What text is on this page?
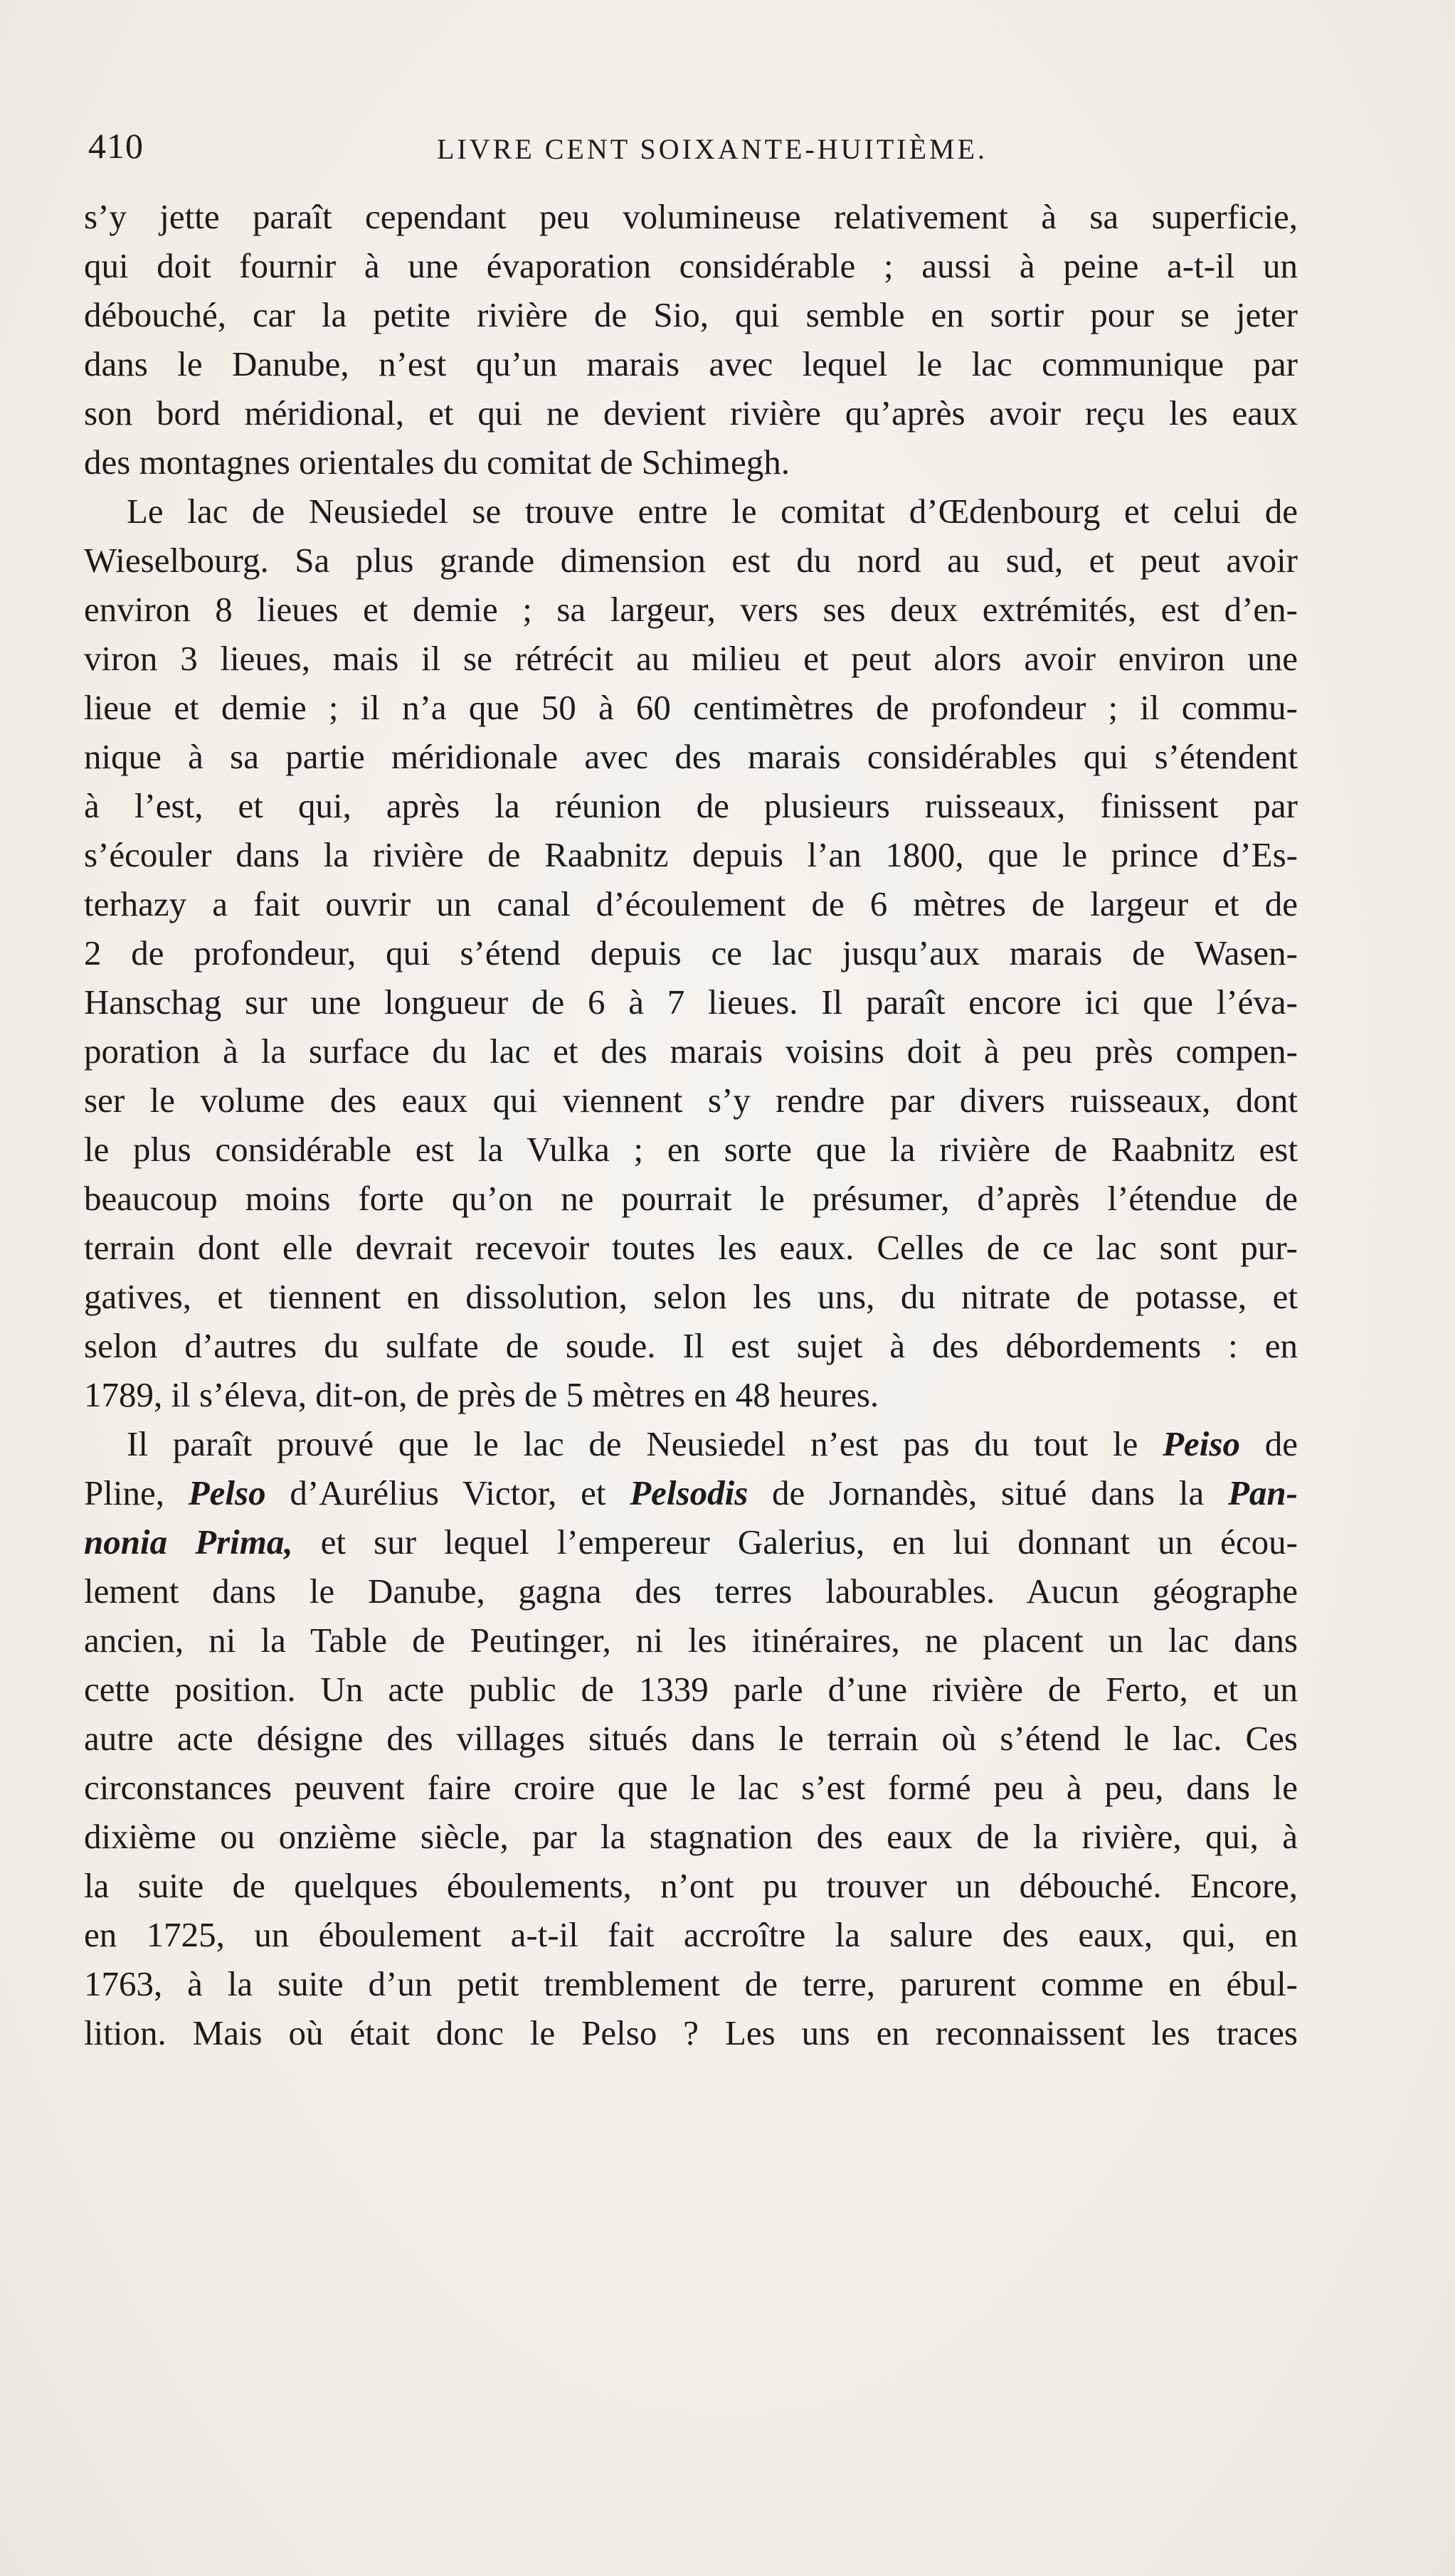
410	LIVRE CENT SOIXANTE-HUITIÈME.

s’y jette paraît cependant peu volumineuse relativement à sa superficie,
qui doit fournir à une évaporation considérable ; aussi à peine a-t-il un
débouché, car la petite rivière de Sio, qui semble en sortir pour se jeter
dans le Danube, n’est qu’un marais avec lequel le lac communique par
son bord méridional, et qui ne devient rivière qu’après avoir reçu les eaux
des montagnes orientales du comitat de Schimegh.

Le lac de Neusiedel se trouve entre le comitat d’Œdenbourg et celui de
Wieselbourg. Sa plus grande dimension est du nord au sud, et peut avoir
environ 8 lieues et demie ; sa largeur, vers ses deux extrémités, est d’en-
viron 3 lieues, mais il se rétrécit au milieu et peut alors avoir environ une
lieue et demie ; il n’a que 50 à 60 centimètres de profondeur ; il commu-
nique à sa partie méridionale avec des marais considérables qui s’étendent
à l’est, et qui, après la réunion de plusieurs ruisseaux, finissent par
s’écouler dans la rivière de Raabnitz depuis l’an 1800, que le prince d’Es-
terhazy a fait ouvrir un canal d’écoulement de 6 mètres de largeur et de
2 de profondeur, qui s’étend depuis ce lac jusqu’aux marais de Wasen-
Hanschag sur une longueur de 6 à 7 lieues. Il paraît encore ici que l’éva-
poration à la surface du lac et des marais voisins doit à peu près compen-
ser le volume des eaux qui viennent s’y rendre par divers ruisseaux, dont
le plus considérable est la Vulka ; en sorte que la rivière de Raabnitz est
beaucoup moins forte qu’on ne pourrait le présumer, d’après l’étendue de
terrain dont elle devrait recevoir toutes les eaux. Celles de ce lac sont pur-
gatives, et tiennent en dissolution, selon les uns, du nitrate de potasse, et
selon d’autres du sulfate de soude. Il est sujet à des débordements : en
1789, il s’éleva, dit-on, de près de 5 mètres en 48 heures.

Il paraît prouvé que le lac de Neusiedel n’est pas du tout le Peiso de
Pline, Pelso d’Aurélius Victor, et Pelsodis de Jornandès, situé dans la Pan-
nonia Prima, et sur lequel l’empereur Galerius, en lui donnant un écou-
lement dans le Danube, gagna des terres labourables. Aucun géographe
ancien, ni la Table de Peutinger, ni les itinéraires, ne placent un lac dans
cette position. Un acte public de 1339 parle d’une rivière de Ferto, et un
autre acte désigne des villages situés dans le terrain où s’étend le lac. Ces
circonstances peuvent faire croire que le lac s’est formé peu à peu, dans le
dixième ou onzième siècle, par la stagnation des eaux de la rivière, qui, à
la suite de quelques éboulements, n’ont pu trouver un débouché. Encore,
en 1725, un éboulement a-t-il fait accroître la salure des eaux, qui, en
1763, à la suite d’un petit tremblement de terre, parurent comme en ébul-
lition. Mais où était donc le Pelso ? Les uns en reconnaissent les traces
